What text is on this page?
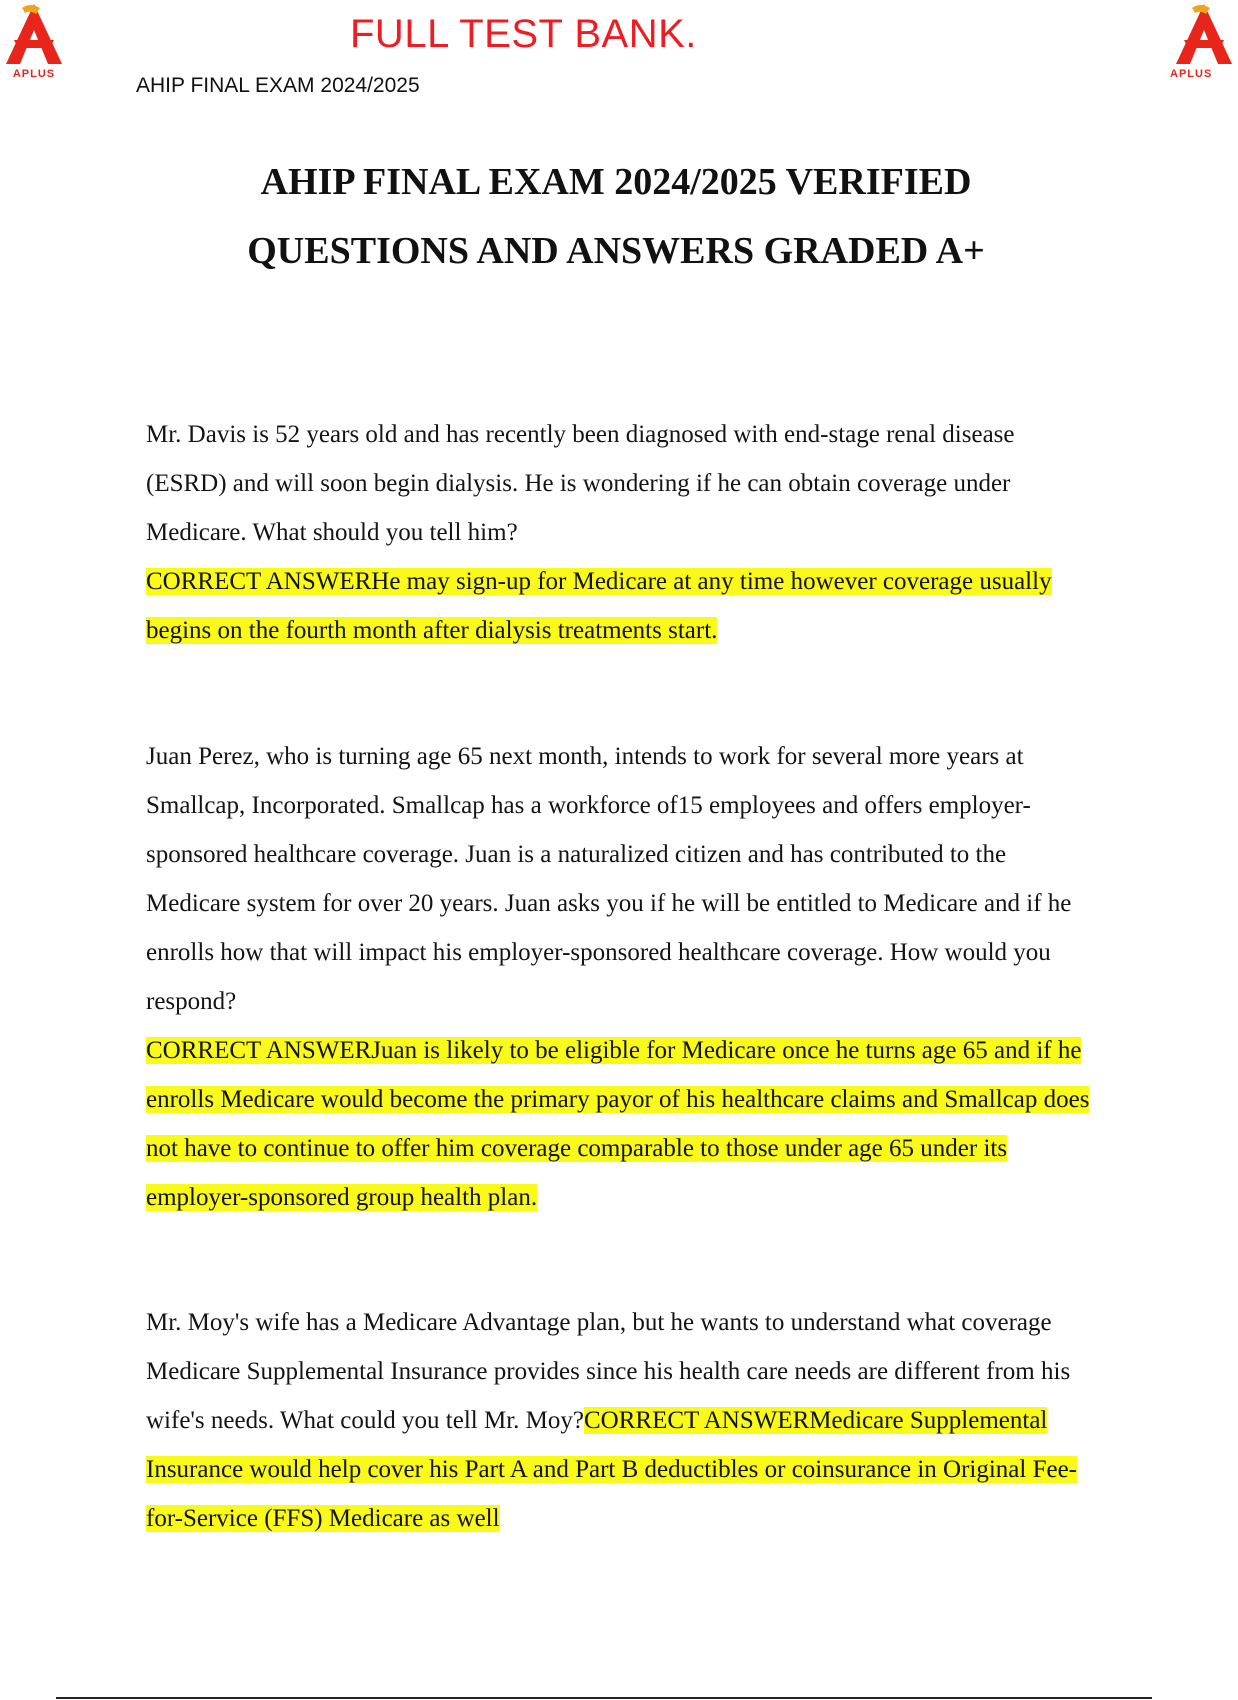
APLUS	APLUS
FULL TEST BANK.
AHIP FINAL EXAM 2024/2025
AHIP FINAL EXAM 2024/2025 VERIFIED
QUESTIONS AND ANSWERS GRADED A+

Mr. Davis is 52 years old and has recently been diagnosed with end-stage renal disease (ESRD) and will soon begin dialysis. He is wondering if he can obtain coverage under Medicare. What should you tell him?

CORRECT ANSWERHe may sign-up for Medicare at any time however coverage usually begins on the fourth month after dialysis treatments start.

Juan Perez, who is turning age 65 next month, intends to work for several more years at Smallcap, Incorporated. Smallcap has a workforce of15 employees and offers employer-sponsored healthcare coverage. Juan is a naturalized citizen and has contributed to the Medicare system for over 20 years. Juan asks you if he will be entitled to Medicare and if he enrolls how that will impact his employer-sponsored healthcare coverage. How would you respond?

CORRECT ANSWERJuan is likely to be eligible for Medicare once he turns age 65 and if he enrolls Medicare would become the primary payor of his healthcare claims and Smallcap does not have to continue to offer him coverage comparable to those under age 65 under its employer-sponsored group health plan.

Mr. Moy's wife has a Medicare Advantage plan, but he wants to understand what coverage Medicare Supplemental Insurance provides since his health care needs are different from his wife's needs. What could you tell Mr. Moy?CORRECT ANSWERMedicare Supplemental Insurance would help cover his Part A and Part B deductibles or coinsurance in Original Fee-for-Service (FFS) Medicare as well
